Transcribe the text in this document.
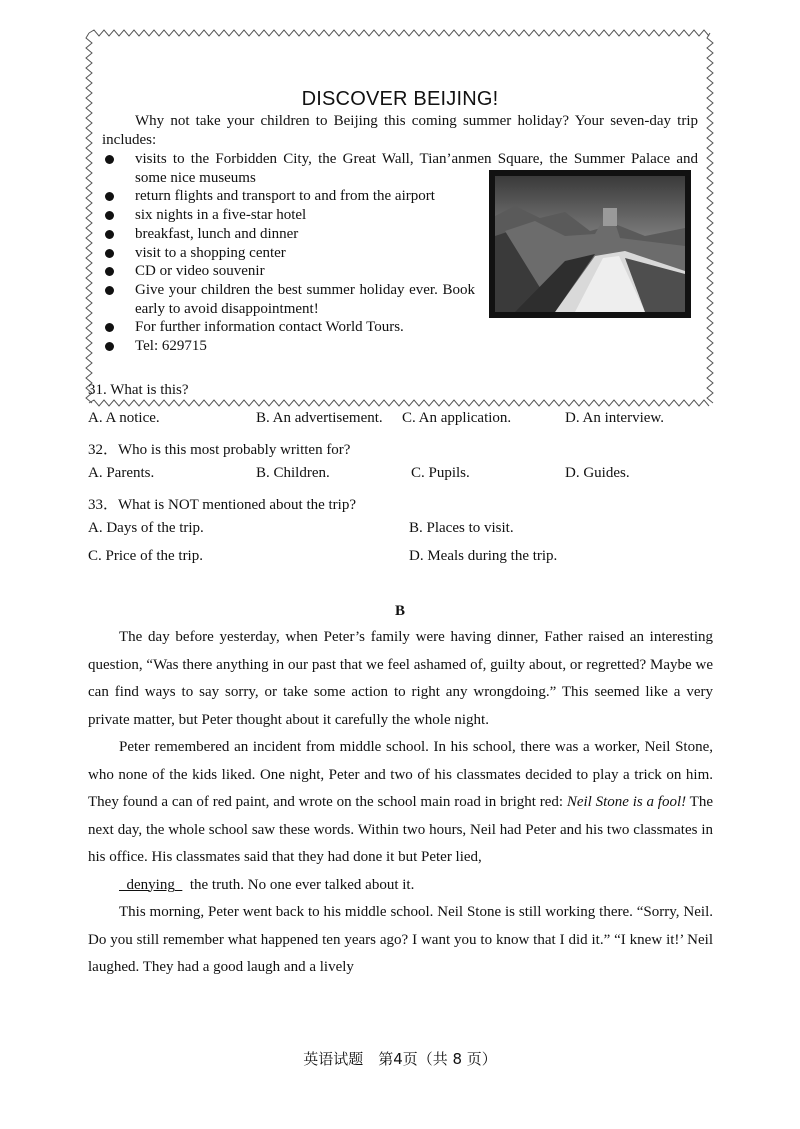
DISCOVER BEIJING!
Why not take your children to Beijing this coming summer holiday? Your seven-day trip includes:
visits to the Forbidden City, the Great Wall, Tian’anmen Square, the Summer Palace and some nice museums
return flights and transport to and from the airport
six nights in a five-star hotel
breakfast, lunch and dinner
visit to a shopping center
CD or video souvenir
Give your children the best summer holiday ever. Book early to avoid disappointment!
For further information contact World Tours.
Tel: 629715
31. What is this?
A. A notice.	B. An advertisement. C. An application.	D. An interview.
32．Who is this most probably written for?
A. Parents.	B. Children.	C. Pupils.	D. Guides.
33．What is NOT mentioned about the trip?
A. Days of the trip.	B. Places to visit.
C. Price of the trip.	D. Meals during the trip.
B

The day before yesterday, when Peter’s family were having dinner, Father raised an interesting question, “Was there anything in our past that we feel ashamed of, guilty about, or regretted? Maybe we can find ways to say sorry, or take some action to right any wrongdoing.” This seemed like a very private matter, but Peter thought about it carefully the whole night.

Peter remembered an incident from middle school. In his school, there was a worker, Neil Stone, who none of the kids liked. One night, Peter and two of his classmates decided to play a trick on him. They found a can of red paint, and wrote on the school main road in bright red: Neil Stone is a fool! The next day, the whole school saw these words. Within two hours, Neil had Peter and his two classmates in his office. His classmates said that they had done it but Peter lied,

denying the truth. No one ever talked about it.

This morning, Peter went back to his middle school. Neil Stone is still working there. “Sorry, Neil. Do you still remember what happened ten years ago? I want you to know that I did it.” “I knew it!’ Neil laughed. They had a good laugh and a lively

英语试题　第4页（共 8 页）
